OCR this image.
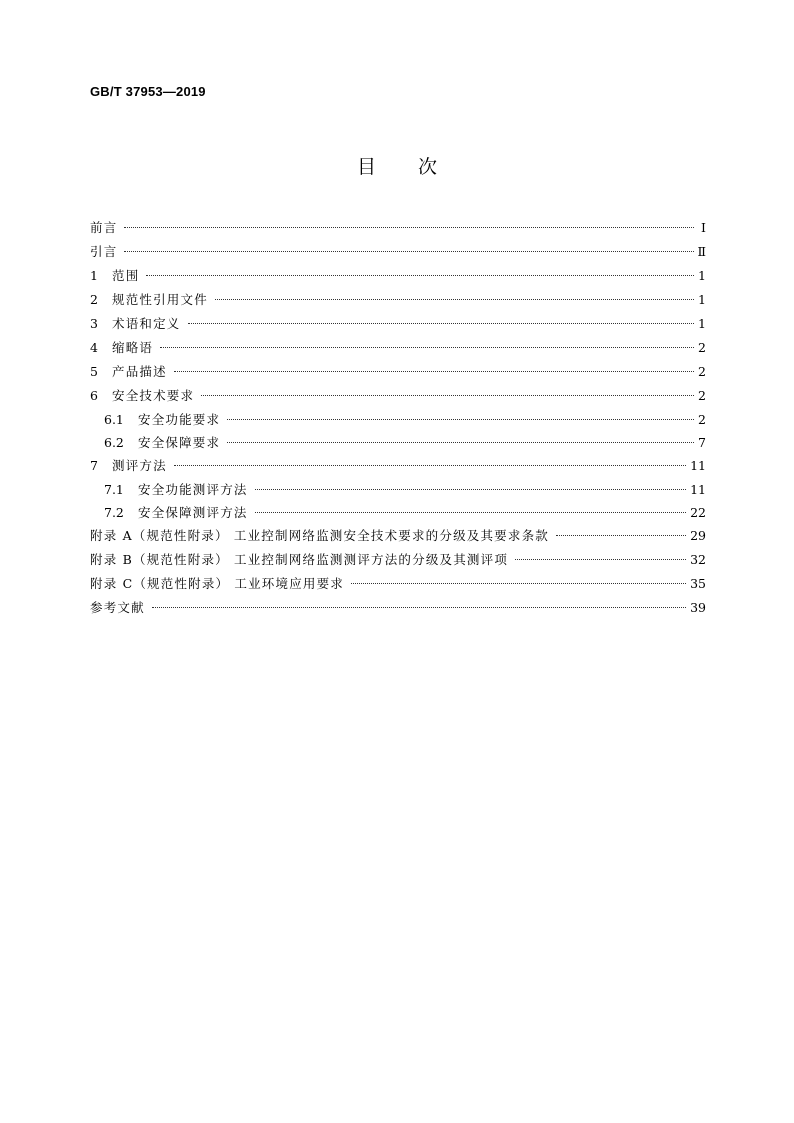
GB/T 37953—2019
目次
前言	Ⅰ
引言	Ⅱ
1	范围	1
2	规范性引用文件	1
3	术语和定义	1
4	缩略语	2
5	产品描述	2
6	安全技术要求	2
6.1	安全功能要求	2
6.2	安全保障要求	7
7	测评方法	11
7.1	安全功能测评方法	11
7.2	安全保障测评方法	22
附录 A（规范性附录） 工业控制网络监测安全技术要求的分级及其要求条款	29
附录 B（规范性附录） 工业控制网络监测测评方法的分级及其测评项	32
附录 C（规范性附录） 工业环境应用要求	35
参考文献	39
